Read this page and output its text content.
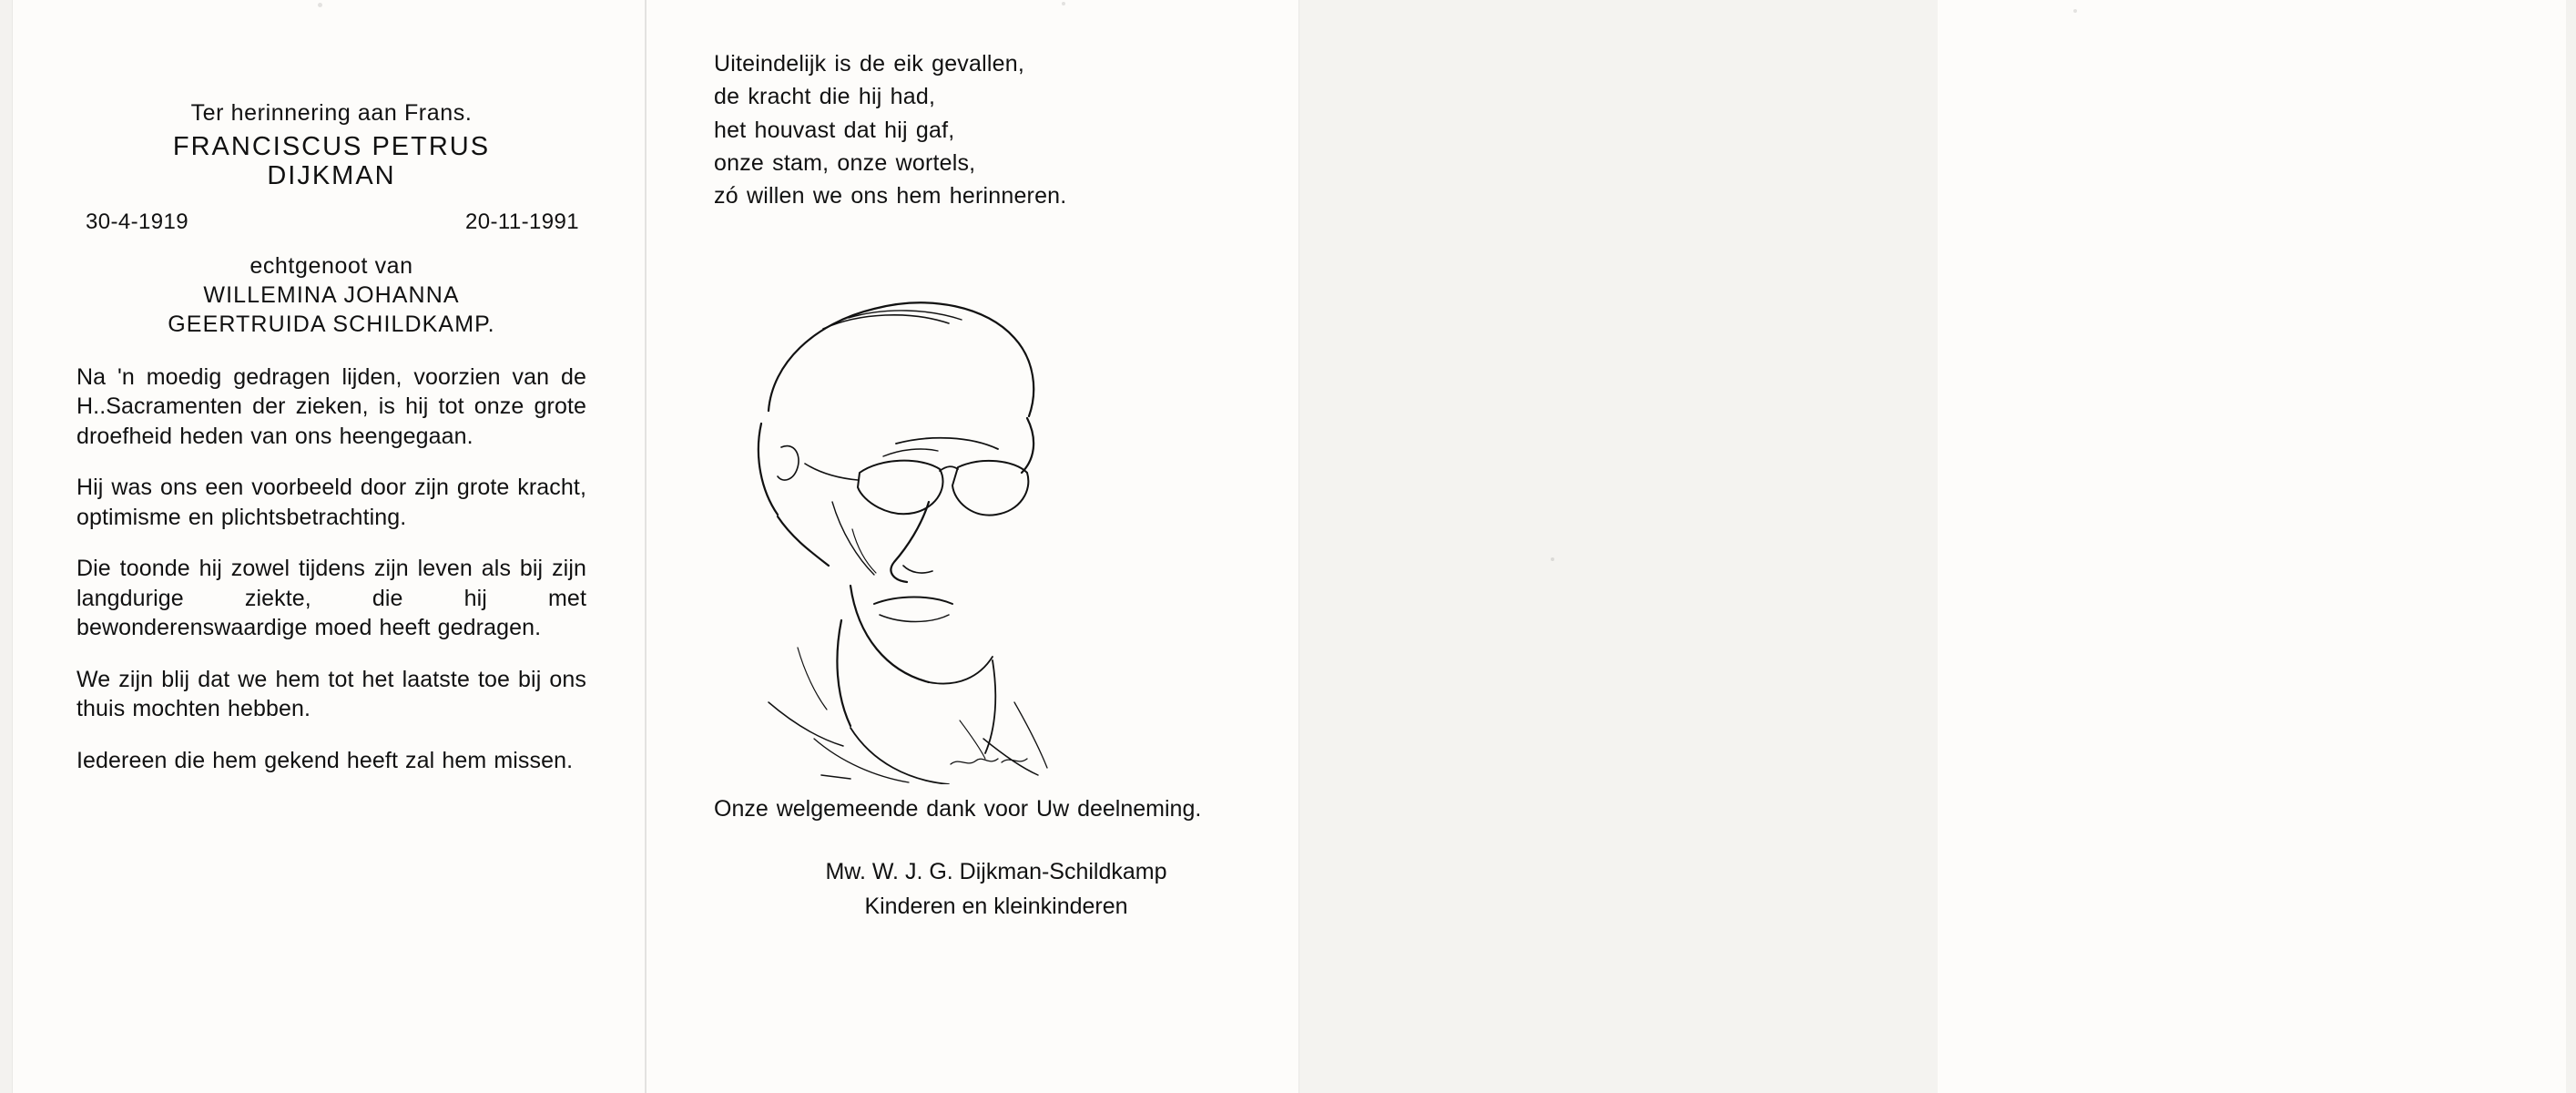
Ter herinnering aan Frans.

FRANCISCUS PETRUS

DIJKMAN

30-4-1919	20-11-1991

echtgenoot van

WILLEMINA JOHANNA

GEERTRUIDA SCHILDKAMP.

Na 'n moedig gedragen lijden, voorzien van de H..Sacramenten der zieken, is hij tot onze grote droefheid heden van ons heengegaan.

Hij was ons een voorbeeld door zijn grote kracht, optimisme en plichtsbetrachting.

Die toonde hij zowel tijdens zijn leven als bij zijn langdurige ziekte, die hij met bewonderenswaardige moed heeft gedragen.

We zijn blij dat we hem tot het laatste toe bij ons thuis mochten hebben.

Iedereen die hem gekend heeft zal hem missen.

Uiteindelijk is de eik gevallen,

de kracht die hij had,

het houvast dat hij gaf,

onze stam, onze wortels,

zó willen we ons hem herinneren.

Onze welgemeende dank voor Uw deelneming.

Mw. W. J. G. Dijkman-Schildkamp

Kinderen en kleinkinderen
